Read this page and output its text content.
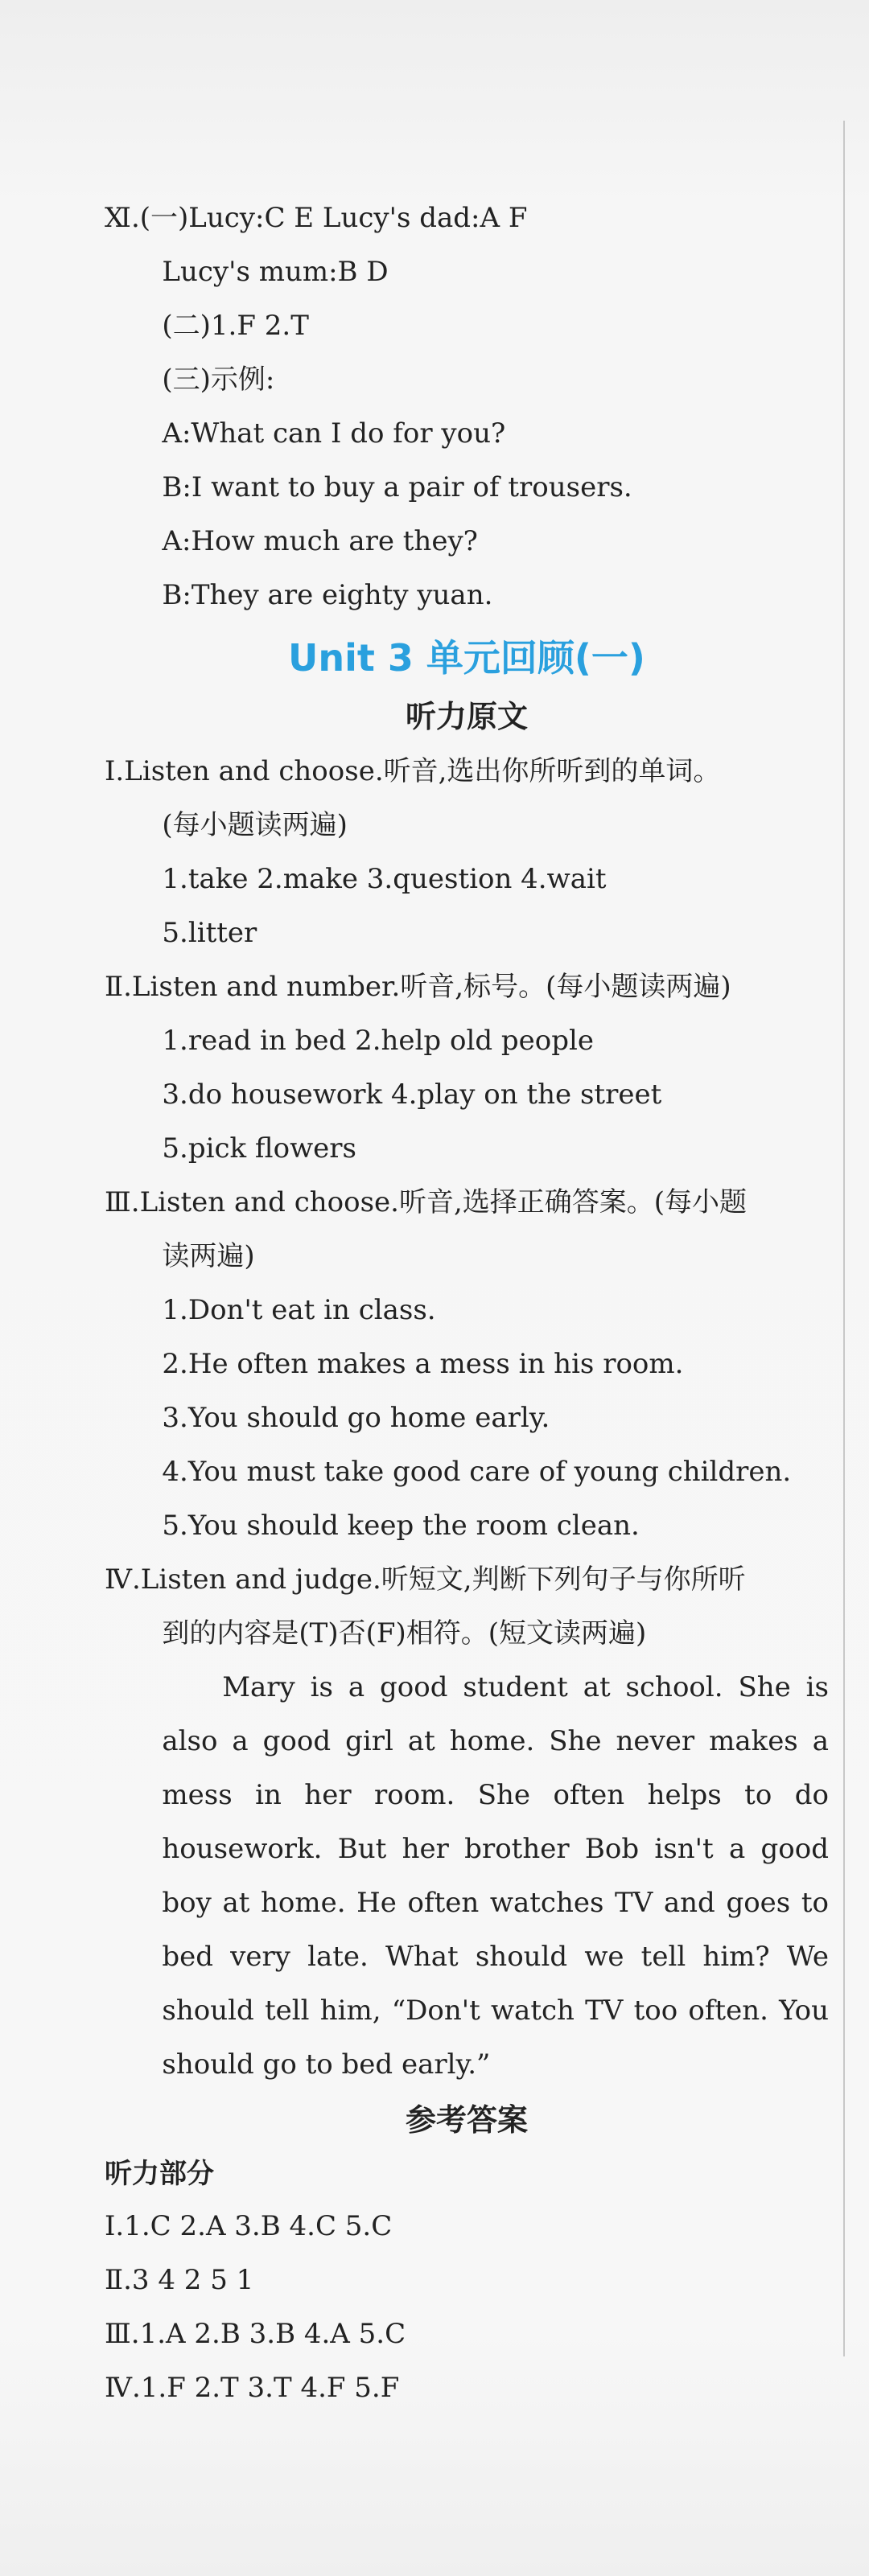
Ⅺ.(一)Lucy:C E Lucy's dad:A F
Lucy's mum:B D
(二)1.F 2.T
(三)示例:
A:What can I do for you?
B:I want to buy a pair of trousers.
A:How much are they?
B:They are eighty yuan.
Unit 3 单元回顾(一)
听力原文
Ⅰ.Listen and choose.听音,选出你所听到的单词。
(每小题读两遍)
1.take 2.make 3.question 4.wait
5.litter
Ⅱ.Listen and number.听音,标号。(每小题读两遍)
1.read in bed 2.help old people
3.do housework 4.play on the street
5.pick flowers
Ⅲ.Listen and choose.听音,选择正确答案。(每小题
读两遍)
1.Don't eat in class.
2.He often makes a mess in his room.
3.You should go home early.
4.You must take good care of young children.
5.You should keep the room clean.
Ⅳ.Listen and judge.听短文,判断下列句子与你所听
到的内容是(T)否(F)相符。(短文读两遍)
Mary is a good student at school. She is also a good girl at home. She never makes a mess in her room. She often helps to do housework. But her brother Bob isn't a good boy at home. He often watches TV and goes to bed very late. What should we tell him? We should tell him, “Don't watch TV too often. You should go to bed early.”
参考答案
听力部分
Ⅰ.1.C 2.A 3.B 4.C 5.C
Ⅱ.3 4 2 5 1
Ⅲ.1.A 2.B 3.B 4.A 5.C
Ⅳ.1.F 2.T 3.T 4.F 5.F
